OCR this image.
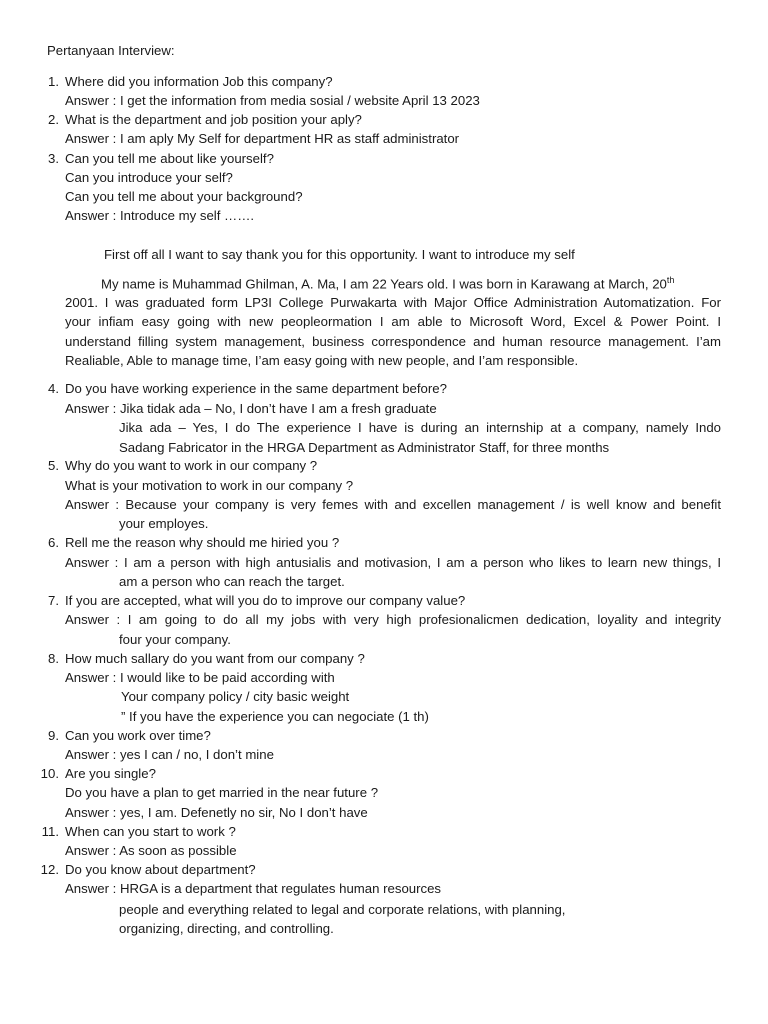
Pertanyaan Interview:
1. Where did you information Job this company?
Answer : I get the information from media sosial / website April 13 2023
2. What is the department and job position your aply?
Answer : I am aply My Self for department HR as staff administrator
3. Can you tell me about like yourself?
Can you introduce your self?
Can you tell me about your background?
Answer : Introduce my self …….
First off all I want to say thank you for this opportunity. I want to introduce my self
My name is Muhammad Ghilman, A. Ma, I am 22 Years old. I was born in Karawang at March, 20th
2001. I was graduated form LP3I College Purwakarta with Major Office Administration Automatization. For
your infiam easy going with new peopleormation I am able to Microsoft Word, Excel & Power Point. I
understand filling system management, business correspondence and human resource management. I’am
Realiable, Able to manage time, I’am easy going with new people, and I’am responsible.
4. Do you have working experience in the same department before?
Answer : Jika tidak ada – No, I don’t have I am a fresh graduate
Jika ada – Yes, I do The experience I have is during an internship at a company, namely Indo
Sadang Fabricator in the HRGA Department as Administrator Staff, for three months
5. Why do you want to work in our company ?
What is your motivation to work in our company ?
Answer : Because your company is very femes with and excellen management / is well know and benefit
your employes.
6. Rell me the reason why should me hiried you ?
Answer : I am a person with high antusialis and motivasion, I am a person who likes to learn new things, I
am a person who can reach the target.
7. If you are accepted, what will you do to improve our company value?
Answer : I am going to do all my jobs with very high profesionalicmen dedication, loyality and integrity
four your company.
8. How much sallary do you want from our company ?
Answer : I would like to be paid according with
Your company policy / city basic weight
” If you have the experience you can negociate (1 th)
9. Can you work over time?
Answer : yes I can / no, I don’t mine
10. Are you single?
Do you have a plan to get married in the near future ?
Answer : yes, I am. Defenetly no sir, No I don’t have
11. When can you start to work ?
Answer : As soon as possible
12. Do you know about department?
Answer : HRGA is a department that regulates human resources
people and everything related to legal and corporate relations, with planning,
organizing, directing, and controlling.
